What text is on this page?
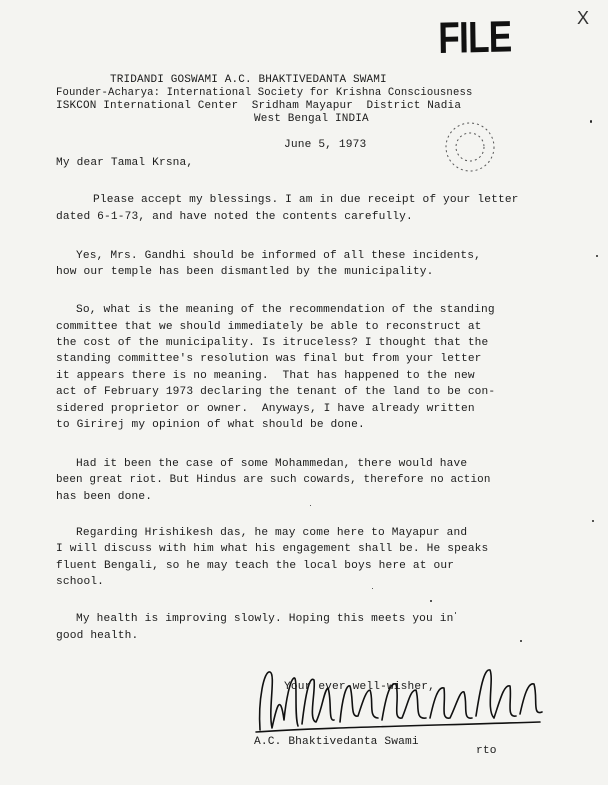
FILE	X
TRIDANDI GOSWAMI A.C. BHAKTIVEDANTA SWAMI
Founder-Acharya: International Society for Krishna Consciousness
ISKCON International Center  Sridham Mayapur  District Nadia
West Bengal INDIA
June 5, 1973
My dear Tamal Krsna,
Please accept my blessings. I am in due receipt of your letter
dated 6-1-73, and have noted the contents carefully.
Yes, Mrs. Gandhi should be informed of all these incidents,
how our temple has been dismantled by the municipality.
So, what is the meaning of the recommendation of the standing
committee that we should immediately be able to reconstruct at
the cost of the municipality. Is itruceless? I thought that the
standing committee's resolution was final but from your letter
it appears there is no meaning.  That has happened to the new
act of February 1973 declaring the tenant of the land to be con-
sidered proprietor or owner.  Anyways, I have already written
to Girirej my opinion of what should be done.
Had it been the case of some Mohammedan, there would have
been great riot. But Hindus are such cowards, therefore no action
has been done.
Regarding Hrishikesh das, he may come here to Mayapur and
I will discuss with him what his engagement shall be. He speaks
fluent Bengali, so he may teach the local boys here at our
school.
My health is improving slowly. Hoping this meets you in
good health.
Your ever well-wisher,
A.C. Bhaktivedanta Swami
rto
